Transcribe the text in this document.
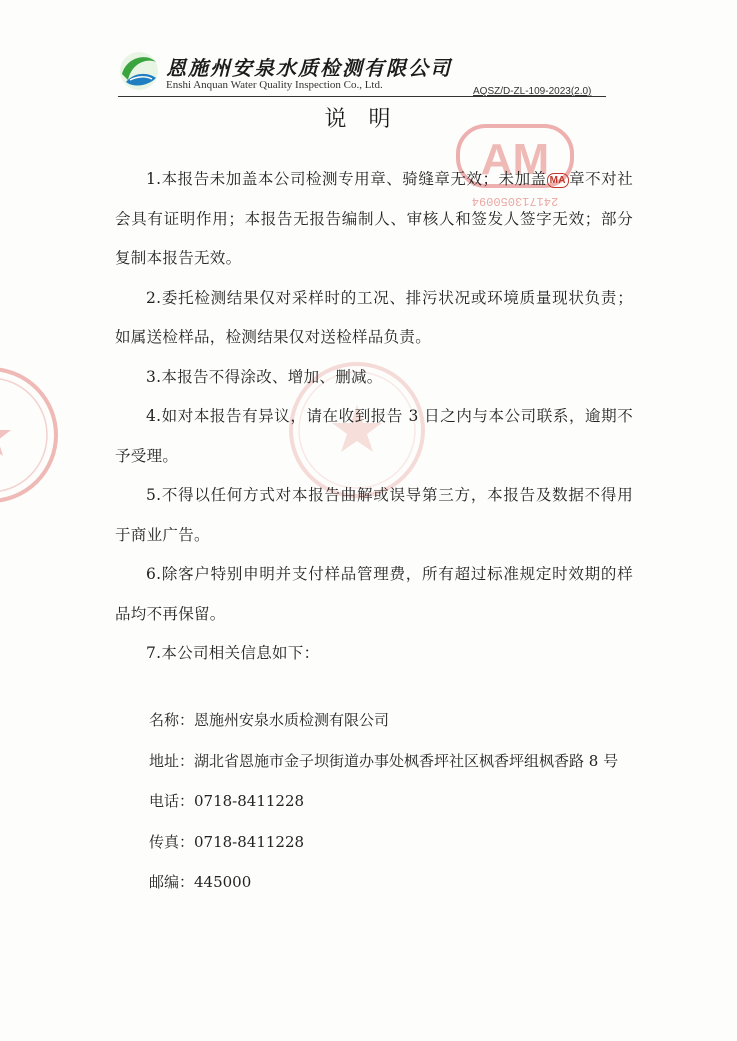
AM
241713050094
恩施州安泉水质检测有限公司
Enshi Anquan Water Quality Inspection Co., Ltd.
AQSZ/D-ZL-109-2023(2.0)
说明

1.本报告未加盖本公司检测专用章、骑缝章无效；未加盖 MA 章不对社会具有证明作用；本报告无报告编制人、审核人和签发人签字无效；部分复制本报告无效。

2.委托检测结果仅对采样时的工况、排污状况或环境质量现状负责；如属送检样品，检测结果仅对送检样品负责。

3.本报告不得涂改、增加、删减。

4.如对本报告有异议，请在收到报告 3 日之内与本公司联系，逾期不予受理。

5.不得以任何方式对本报告曲解或误导第三方，本报告及数据不得用于商业广告。

6.除客户特别申明并支付样品管理费，所有超过标准规定时效期的样品均不再保留。

7.本公司相关信息如下：

名称：恩施州安泉水质检测有限公司
地址：湖北省恩施市金子坝街道办事处枫香坪社区枫香坪组枫香路 8 号
电话：0718-8411228
传真：0718-8411228
邮编：445000
